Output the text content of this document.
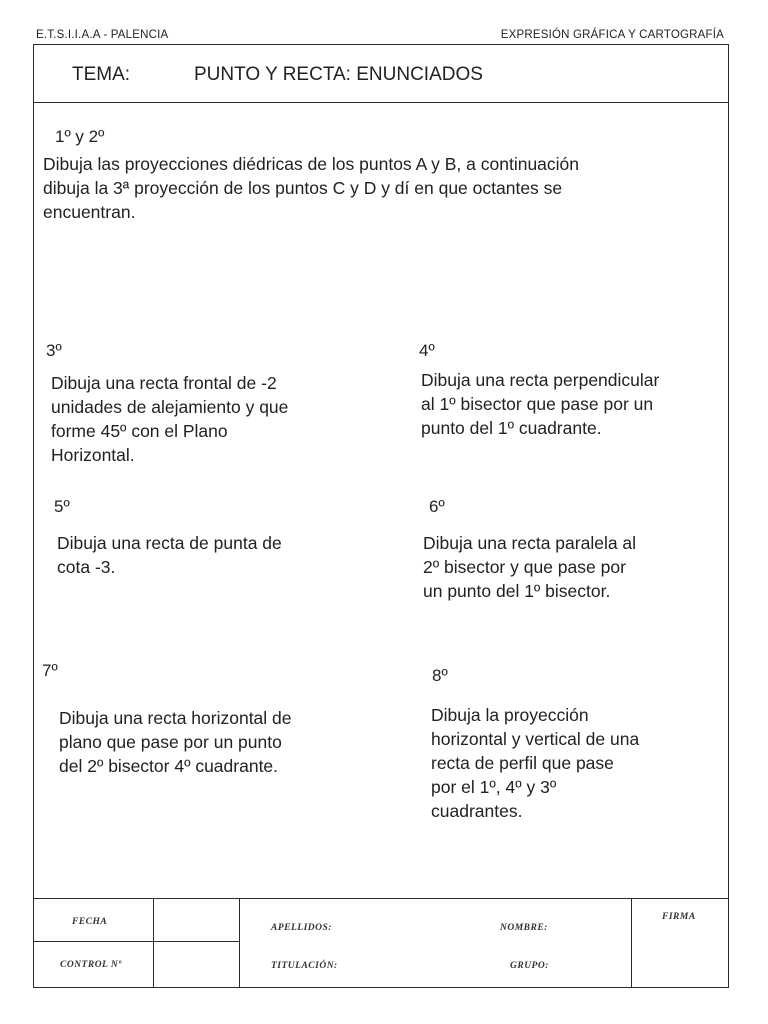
E.T.S.I.I.A.A - PALENCIA	EXPRESIÓN GRÁFICA Y CARTOGRAFÍA
TEMA:	PUNTO Y RECTA: ENUNCIADOS
1º y 2º
Dibuja las proyecciones diédricas de los puntos A y B, a continuación
dibuja la 3ª proyección de los puntos C y D y dí en que octantes se
encuentran.
3º
Dibuja una recta frontal de -2
unidades de alejamiento y que
forme 45º con el Plano
Horizontal.
4º
Dibuja una recta perpendicular
al 1º bisector que pase por un
punto del 1º cuadrante.
5º
Dibuja una recta de punta de
cota -3.
6º
Dibuja una recta paralela al
2º bisector y que pase por
un punto del 1º bisector.
7º
Dibuja una recta horizontal de
plano que pase por un punto
del 2º bisector 4º cuadrante.
8º
Dibuja la proyección
horizontal y vertical de una
recta de perfil que pase
por el 1º, 4º y 3º
cuadrantes.
FECHA
CONTROL Nº
APELLIDOS:
TITULACIÓN:
NOMBRE:
GRUPO:
FIRMA
